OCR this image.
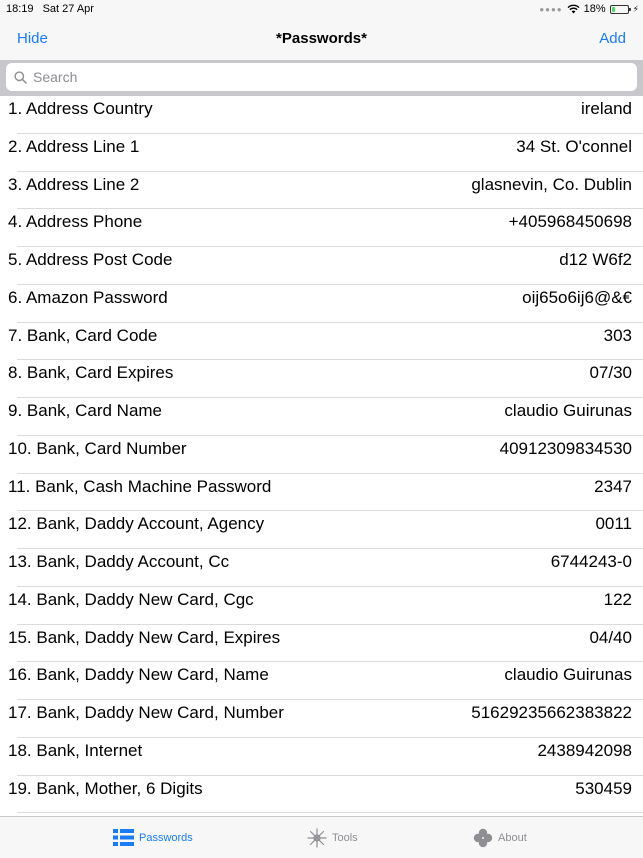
18:19 Sat 27 Apr	●●●● 18%	⚡
Hide	*Passwords*	Add
Search
1. Address Country	ireland
2. Address Line 1	34 St. O'connel
3. Address Line 2	glasnevin, Co. Dublin
4. Address Phone	+405968450698
5. Address Post Code	d12 W6f2
6. Amazon Password	oij65o6ij6@&€
7. Bank, Card Code	303
8. Bank, Card Expires	07/30
9. Bank, Card Name	claudio Guirunas
10. Bank, Card Number	40912309834530
11. Bank, Cash Machine Password	2347
12. Bank, Daddy Account, Agency	0011
13. Bank, Daddy Account, Cc	6744243-0
14. Bank, Daddy New Card, Cgc	122
15. Bank, Daddy New Card, Expires	04/40
16. Bank, Daddy New Card, Name	claudio Guirunas
17. Bank, Daddy New Card, Number	51629235662383822
18. Bank, Internet	2438942098
19. Bank, Mother, 6 Digits	530459
Passwords	Tools	About
